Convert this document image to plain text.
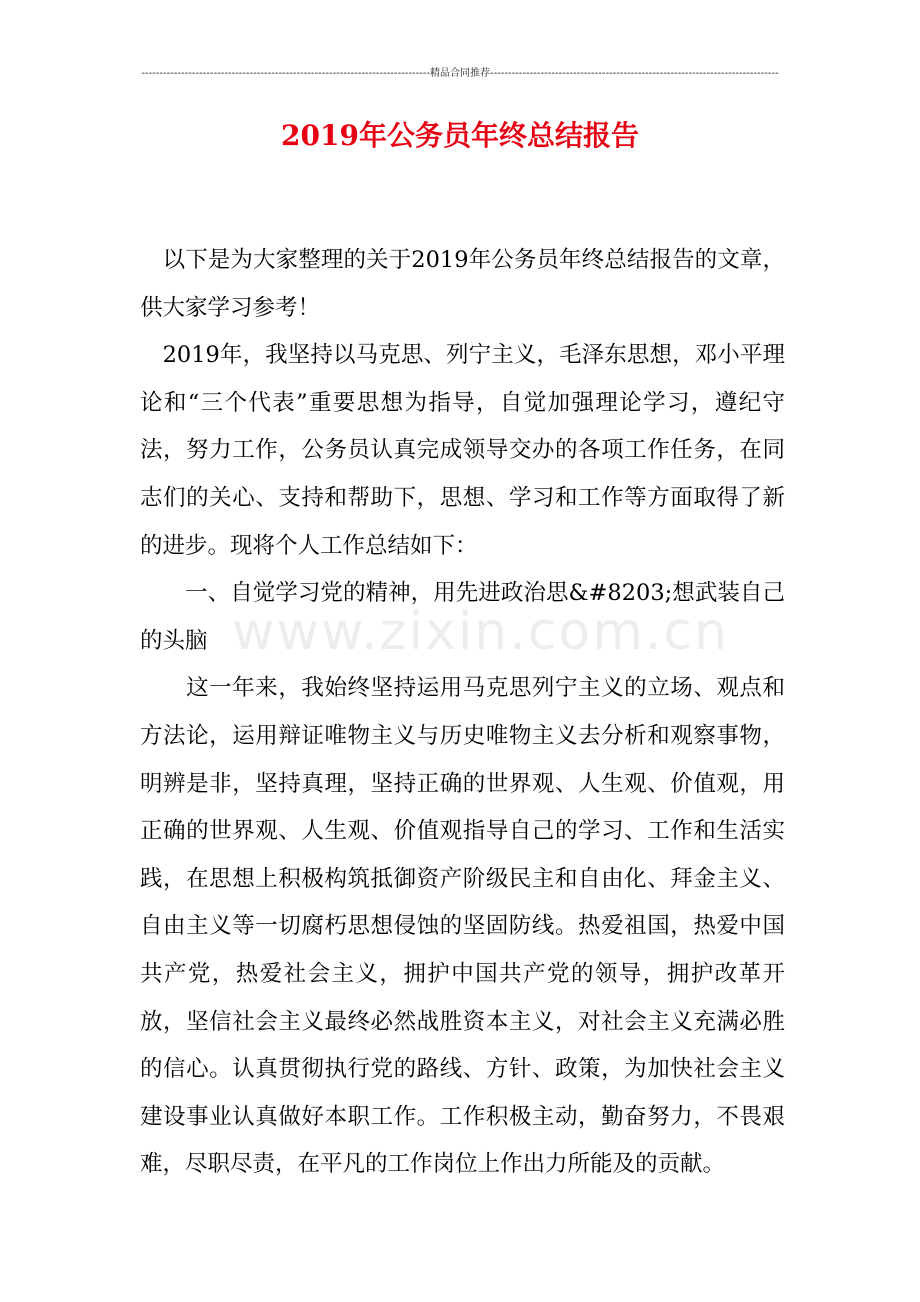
--------------------------------------------------------------------------------精品合同推荐--------------------------------------------------------------------------------
2019年公务员年终总结报告

　以下是为大家整理的关于2019年公务员年终总结报告的文章，供大家学习参考！

　2019年，我坚持以马克思、列宁主义，毛泽东思想，邓小平理论和“三个代表”重要思想为指导，自觉加强理论学习，遵纪守法，努力工作，公务员认真完成领导交办的各项工作任务，在同志们的关心、支持和帮助下，思想、学习和工作等方面取得了新的进步。现将个人工作总结如下：

　　一、自觉学习党的精神，用先进政治思&#8203;想武装自己的头脑

　　这一年来，我始终坚持运用马克思列宁主义的立场、观点和方法论，运用辩证唯物主义与历史唯物主义去分析和观察事物，明辨是非，坚持真理，坚持正确的世界观、人生观、价值观，用正确的世界观、人生观、价值观指导自己的学习、工作和生活实践，在思想上积极构筑抵御资产阶级民主和自由化、拜金主义、自由主义等一切腐朽思想侵蚀的坚固防线。热爱祖国，热爱中国共产党，热爱社会主义，拥护中国共产党的领导，拥护改革开放，坚信社会主义最终必然战胜资本主义，对社会主义充满必胜的信心。认真贯彻执行党的路线、方针、政策，为加快社会主义建设事业认真做好本职工作。工作积极主动，勤奋努力，不畏艰难，尽职尽责，在平凡的工作岗位上作出力所能及的贡献。

www.zixin.com.cn
